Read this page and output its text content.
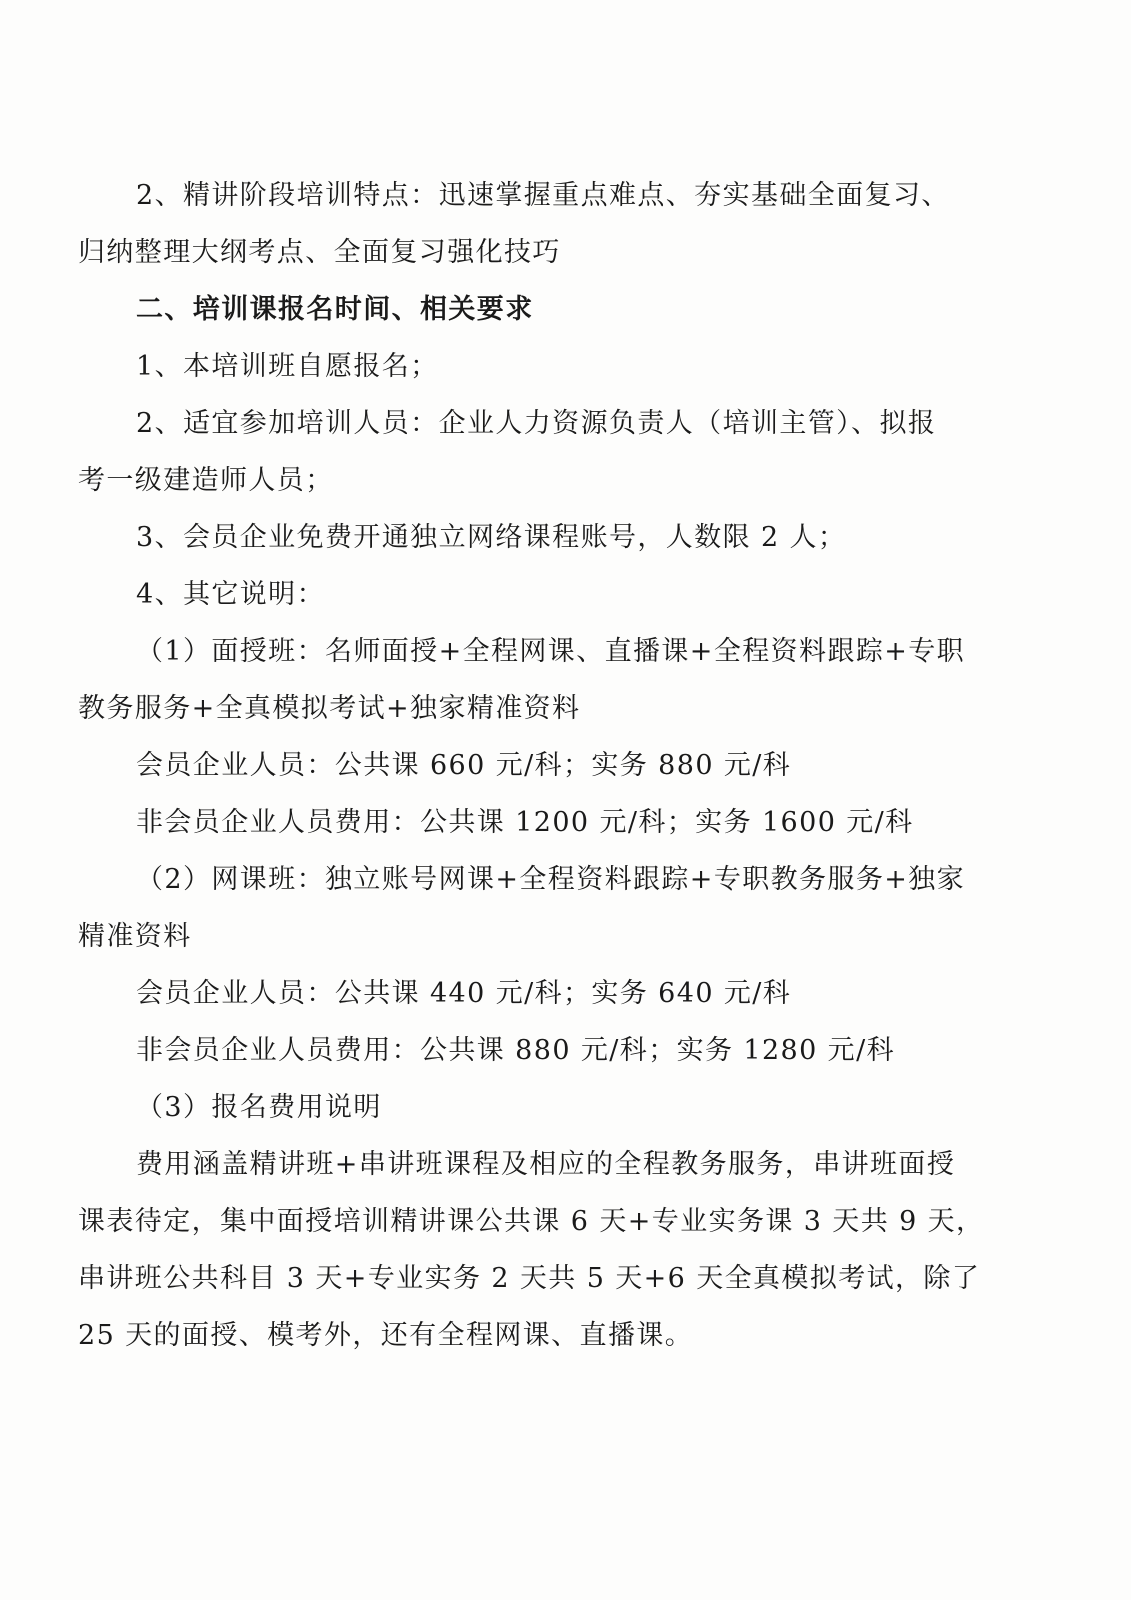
2、精讲阶段培训特点：迅速掌握重点难点、夯实基础全面复习、
归纳整理大纲考点、全面复习强化技巧
二、培训课报名时间、相关要求
1、本培训班自愿报名；
2、适宜参加培训人员：企业人力资源负责人（培训主管）、拟报
考一级建造师人员；
3、会员企业免费开通独立网络课程账号，人数限 2 人；
4、其它说明：
（1）面授班：名师面授+全程网课、直播课+全程资料跟踪+专职
教务服务+全真模拟考试+独家精准资料
会员企业人员：公共课 660 元/科；实务 880 元/科
非会员企业人员费用：公共课 1200 元/科；实务 1600 元/科
（2）网课班：独立账号网课+全程资料跟踪+专职教务服务+独家
精准资料
会员企业人员：公共课 440 元/科；实务 640 元/科
非会员企业人员费用：公共课 880 元/科；实务 1280 元/科
（3）报名费用说明
费用涵盖精讲班+串讲班课程及相应的全程教务服务，串讲班面授
课表待定，集中面授培训精讲课公共课 6 天+专业实务课 3 天共 9 天，
串讲班公共科目 3 天+专业实务 2 天共 5 天+6 天全真模拟考试，除了
25 天的面授、模考外，还有全程网课、直播课。
